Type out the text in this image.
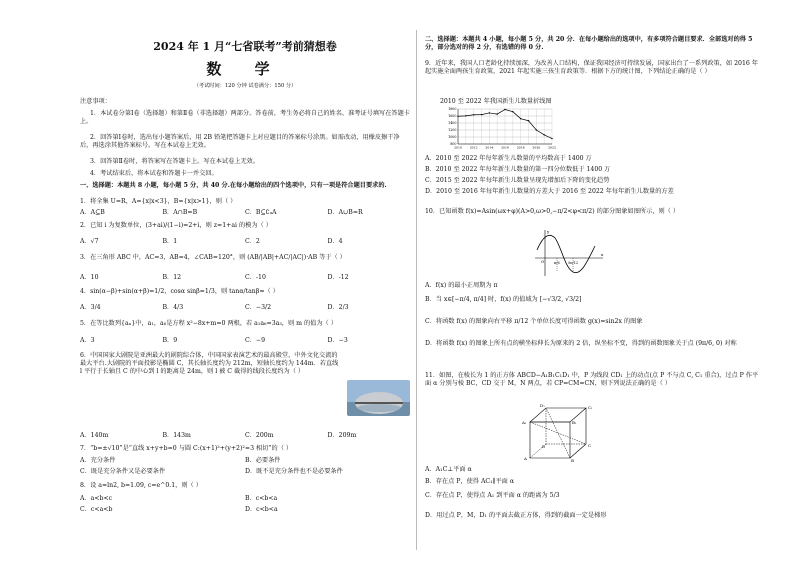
2024 年 1 月“七省联考”考前猜想卷
数 学
（考试时间：120 分钟 试卷满分：150 分）
注意事项：
1．本试卷分第Ⅰ卷（选择题）和第Ⅱ卷（非选择题）两部分。答卷前，考生务必将自己的姓名、准考证号填写在答题卡上。
2．回答第Ⅰ卷时，选出每小题答案后，用 2B 铅笔把答题卡上对应题目的答案标号涂黑。如需改动，用橡皮擦干净后，再选涂其他答案标号。写在本试卷上无效。
3．回答第Ⅱ卷时，将答案写在答题卡上。写在本试卷上无效。
4．考试结束后，将本试卷和答题卡一并交回。
一、选择题：本题共 8 小题，每小题 5 分，共 40 分.在每小题给出的四个选项中，只有一项是符合题目要求的.
1．将全集 U=R，A={x|x<3}，B={x|x>1}，则（ ）
A．A⊆B	B．A∩B=B	C．B⊆∁ᵤA	D．A∪B=R
2．已知 i 为复数单位，(3+ai)/(1−i)=2+i，则 z=1+ai 的模为（ ）
A．√7	B．1	C．2	D．4
3．在三角形 ABC 中，AC=3，AB=4，∠CAB=120°，则 (AB/|AB|+AC/|AC|)·AB 等于（ ）
A．10	B．12	C．-10	D．-12
4．sin(α−β)+sin(α+β)=1/2，cosα sinβ=1/3，则 tanα/tanβ=（ ）
A．3/4	B．4/3	C．−3/2	D．2/3
5．在等比数列{aₙ}中，a₁，a₆是方程 x²−8x+m=0 两根，若 a₁a₆=3a₃，则 m 的值为（ ）
A．3	B．9	C．−9	D．−3
6．中国国家大剧院是亚洲最大的剧院综合体，中国国家表演艺术的最高殿堂，中外文化交流的最大平台.大剧院的平面投影是椭圆 C，其长轴长度约为 212m，短轴长度约为 144m．若直线 l 平行于长轴且 C 的中心到 l 的距离是 24m，则 l 被 C 截得的线段长度约为（ ）
A．140m	B．143m	C．200m	D．209m
7．“b=±√10”是“直线 x+y+b=0 与圆 C:(x+1)²+(y+2)²=3 相切”的（ ）
A．充分条件	B．必要条件
C．既是充分条件又是必要条件	D．既不是充分条件也不是必要条件
8．设 a=ln2, b=1.09, c=e^0.1，则（ ）
A．a<b<c	B．c<b<a
C．c<a<b	D．c<b<a
二、选择题：本题共 4 小题，每小题 5 分，共 20 分．在每小题给出的选项中，有多项符合题目要求．全部选对的得 5 分，部分选对的得 2 分，有选错的得 0 分.
9．近年来，我国人口老龄化持续加深，为改善人口结构，保证我国经济可持续发展，国家出台了一系列政策，如 2016 年起实施全面两孩生育政策，2021 年起实施三孩生育政策等．根据下方的统计图，下列结论正确的是（ ）
2010 至 2022 年我国新生儿数量折线图
1800
1600
1400
1200
1000
800
2010	2012	2014	2016	2018	2020	2022
A．2010 至 2022 年每年新生儿数量的平均数高于 1400 万
B．2010 至 2022 年每年新生儿数量的第一四分位数低于 1400 万
C．2015 至 2022 年每年新生儿数量呈现先增加后下降的变化趋势
D．2010 至 2016 年每年新生儿数量的方差大于 2016 至 2022 年每年新生儿数量的方差
10．已知函数 f(x)=Asin(ωx+φ)(A>0,ω>0,−π/2<φ<π/2) 的部分图象如图所示，则（ ）
x
y
O	π/6 5π/12
A．f(x) 的最小正周期为 π
B．当 x∈[−π/4, π/4] 时，f(x) 的值域为 [−√3/2, √3/2]
C．将函数 f(x) 的图象向右平移 π/12 个单位长度可得函数 g(x)=sin2x 的图象
D．将函数 f(x) 的图象上所有点的横坐标伸长为原来的 2 倍，纵坐标不变，得到的函数图象关于点 (9π/6, 0) 对称
11．如图，在棱长为 1 的正方体 ABCD−A₁B₁C₁D₁ 中，P 为线段 CD₁ 上的动点(点 P 不与点 C, C₁ 重合)，过点 P 作平面 α 分别与棱 BC，CD 交于 M，N 两点，若 CP=CM=CN，则下列说法正确的是（ ）
A	B
C
D
A₁	B₁
C₁
D₁
A．A₁C⊥平面 α
B．存在点 P，使得 AC₁∥平面 α
C．存在点 P，使得点 A₁ 到平面 α 的距离为 5/3
D．用过点 P，M，D₁ 的平面去截正方体，得到的截面一定是梯形
